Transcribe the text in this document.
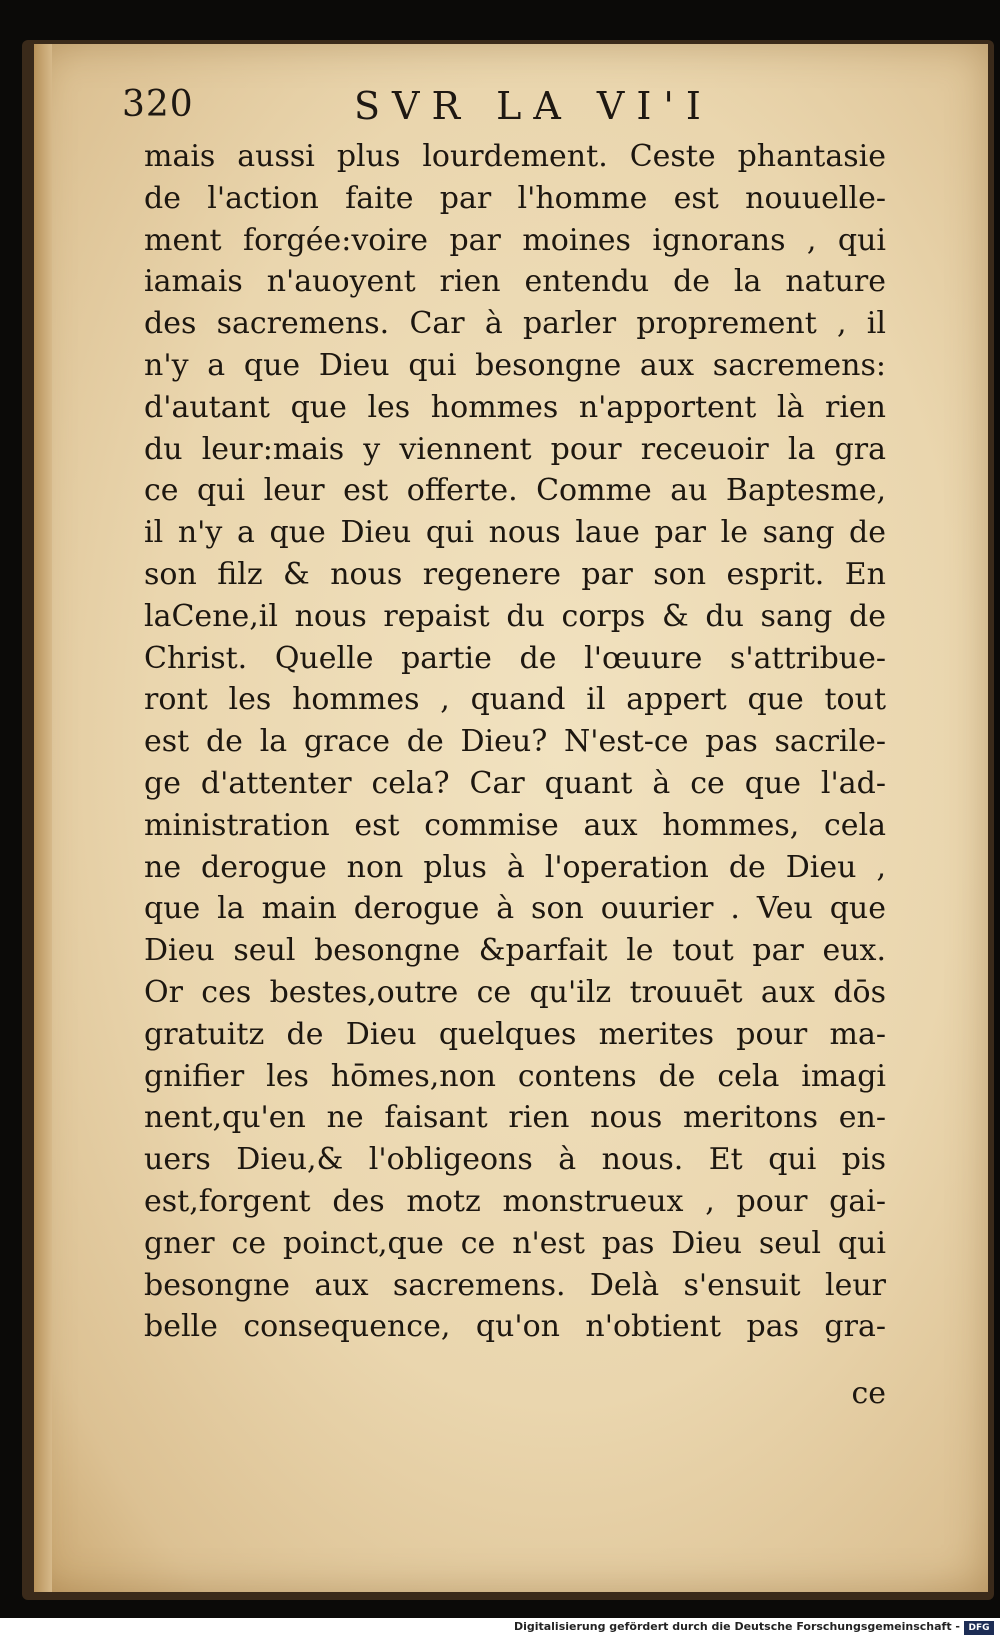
320	SVR LA VI'I
mais aussi plus lourdement. Ceste phantasie
de l'action faite par l'homme est nouuelle-
ment forgée:voire par moines ignorans , qui
iamais n'auoyent rien entendu de la nature
des sacremens. Car à parler proprement , il
n'y a que Dieu qui besongne aux sacremens:
d'autant que les hommes n'apportent là rien
du leur:mais y viennent pour receuoir la gra
ce qui leur est offerte. Comme au Baptesme,
il n'y a que Dieu qui nous laue par le sang de
son filz & nous regenere par son esprit. En
laCene,il nous repaist du corps & du sang de
Christ. Quelle partie de l'œuure s'attribue-
ront les hommes , quand il appert que tout
est de la grace de Dieu? N'est-ce pas sacrile-
ge d'attenter cela? Car quant à ce que l'ad-
ministration est commise aux hommes, cela
ne derogue non plus à l'operation de Dieu ,
que la main derogue à son ouurier . Veu que
Dieu seul besongne &parfait le tout par eux.
Or ces bestes,outre ce qu'ilz trouuēt aux dōs
gratuitz de Dieu quelques merites pour ma-
gnifier les hōmes,non contens de cela imagi
nent,qu'en ne faisant rien nous meritons en-
uers Dieu,& l'obligeons à nous. Et qui pis
est,forgent des motz monstrueux , pour gai-
gner ce poinct,que ce n'est pas Dieu seul qui
besongne aux sacremens. Delà s'ensuit leur
belle consequence, qu'on n'obtient pas gra-
ce
Digitalisierung gefördert durch die Deutsche Forschungsgemeinschaft - DFG
